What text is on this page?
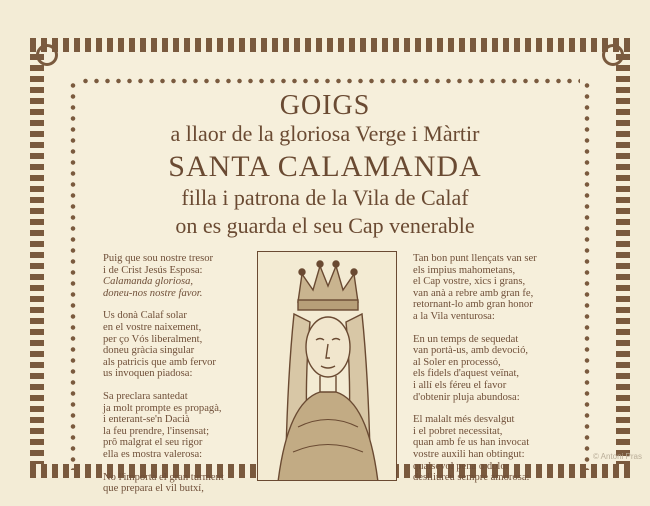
GOIGS
a llaor de la gloriosa Verge i Màrtir
SANTA CALAMANDA
filla i patrona de la Vila de Calaf
on es guarda el seu Cap venerable

Puig que sou nostre tresor
i de Crist Jesús Esposa:
Calamanda gloriosa,
doneu-nos nostre favor.

Us donà Calaf solar
en el vostre naixement,
per ço Vós liberalment,
doneu gràcia singular
als patricis que amb fervor
us invoquen piadosa:

Sa preclara santedat
ja molt prompte es propagà,
i enterant-se'n Dacià
la feu prendre, l'insensat;
prô malgrat el seu rigor
ella es mostra valerosa:

No l'importa el gran turment
que prepara el vil butxí,

Tan bon punt llençats van ser
els impius mahometans,
el Cap vostre, xics i grans,
van anà a rebre amb gran fe,
retornant-lo amb gran honor
a la Vila venturosa:

En un temps de sequedat
van portà-us, amb devoció,
al Soler en processó,
els fidels d'aquest veïnat,
i allí els féreu el favor
d'obtenir pluja abundosa:

El malalt més desvalgut
i el pobret necessitat,
quan amb fe us han invocat
vostre auxili han obtingut:
qualsevol pena o dolor
deslliureu sempre amorosa:

© Antoni Pras
